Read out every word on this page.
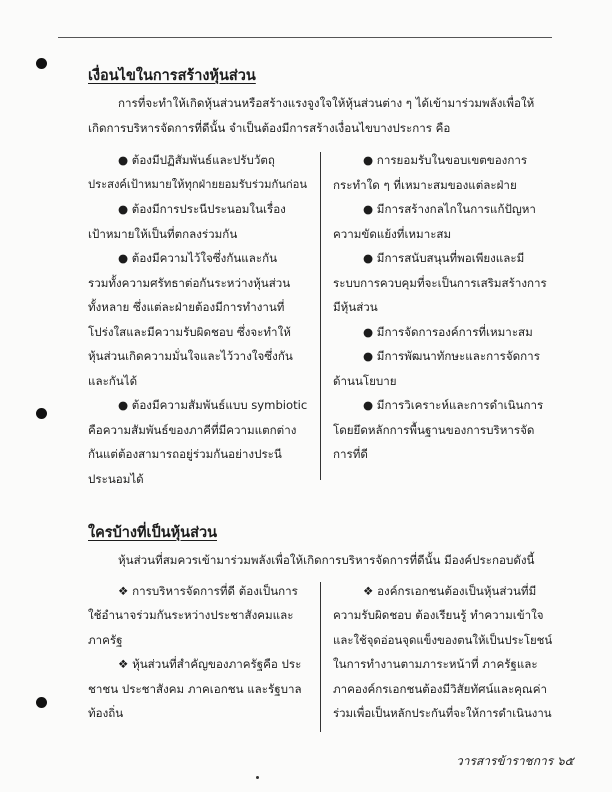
เงื่อนไขในการสร้างหุ้นส่วน
การที่จะทำให้เกิดหุ้นส่วนหรือสร้างแรงจูงใจให้หุ้นส่วนต่าง ๆ ได้เข้ามาร่วมพลังเพื่อให้
เกิดการบริหารจัดการที่ดีนั้น จำเป็นต้องมีการสร้างเงื่อนไขบางประการ คือ
● ต้องมีปฏิสัมพันธ์และปรับวัตถุ
ประสงค์เป้าหมายให้ทุกฝ่ายยอมรับร่วมกันก่อน
● ต้องมีการประนีประนอมในเรื่อง
เป้าหมายให้เป็นที่ตกลงร่วมกัน
● ต้องมีความไว้ใจซึ่งกันและกัน
รวมทั้งความศรัทธาต่อกันระหว่างหุ้นส่วน
ทั้งหลาย ซึ่งแต่ละฝ่ายต้องมีการทำงานที่
โปร่งใสและมีความรับผิดชอบ ซึ่งจะทำให้
หุ้นส่วนเกิดความมั่นใจและไว้วางใจซึ่งกัน
และกันได้
● ต้องมีความสัมพันธ์แบบ symbiotic
คือความสัมพันธ์ของภาคีที่มีความแตกต่าง
กันแต่ต้องสามารถอยู่ร่วมกันอย่างประนี
ประนอมได้
● การยอมรับในขอบเขตของการ
กระทำใด ๆ ที่เหมาะสมของแต่ละฝ่าย
● มีการสร้างกลไกในการแก้ปัญหา
ความขัดแย้งที่เหมาะสม
● มีการสนับสนุนที่พอเพียงและมี
ระบบการควบคุมที่จะเป็นการเสริมสร้างการ
มีหุ้นส่วน
● มีการจัดการองค์การที่เหมาะสม
● มีการพัฒนาทักษะและการจัดการ
ด้านนโยบาย
● มีการวิเคราะห์และการดำเนินการ
โดยยึดหลักการพื้นฐานของการบริหารจัด
การที่ดี
ใครบ้างที่เป็นหุ้นส่วน
หุ้นส่วนที่สมควรเข้ามาร่วมพลังเพื่อให้เกิดการบริหารจัดการที่ดีนั้น มีองค์ประกอบดังนี้
❖ การบริหารจัดการที่ดี ต้องเป็นการ
ใช้อำนาจร่วมกันระหว่างประชาสังคมและ
ภาครัฐ
❖ หุ้นส่วนที่สำคัญของภาครัฐคือ ประ
ชาชน ประชาสังคม ภาคเอกชน และรัฐบาล
ท้องถิ่น
❖ องค์กรเอกชนต้องเป็นหุ้นส่วนที่มี
ความรับผิดชอบ ต้องเรียนรู้ ทำความเข้าใจ
และใช้จุดอ่อนจุดแข็งของตนให้เป็นประโยชน์
ในการทำงานตามภาระหน้าที่ ภาครัฐและ
ภาคองค์กรเอกชนต้องมีวิสัยทัศน์และคุณค่า
ร่วมเพื่อเป็นหลักประกันที่จะให้การดำเนินงาน
วารสารข้าราชการ ๖๕
